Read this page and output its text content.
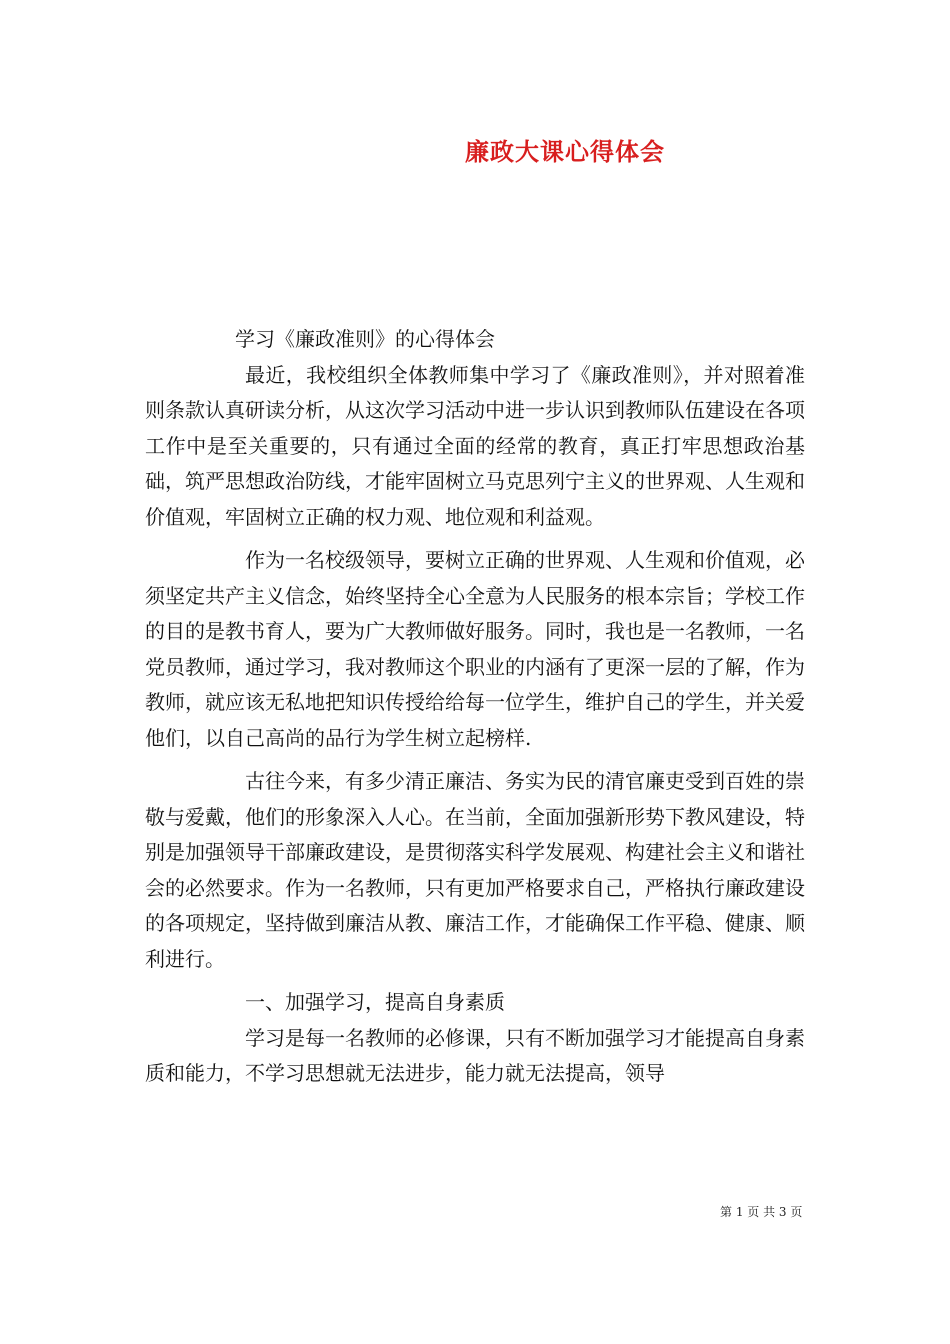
廉政大课心得体会

学习《廉政准则》的心得体会

最近，我校组织全体教师集中学习了《廉政准则》，并对照着准则条款认真研读分析，从这次学习活动中进一步认识到教师队伍建设在各项工作中是至关重要的，只有通过全面的经常的教育，真正打牢思想政治基础，筑严思想政治防线，才能牢固树立马克思列宁主义的世界观、人生观和价值观，牢固树立正确的权力观、地位观和利益观。

作为一名校级领导，要树立正确的世界观、人生观和价值观，必须坚定共产主义信念，始终坚持全心全意为人民服务的根本宗旨；学校工作的目的是教书育人，要为广大教师做好服务。同时，我也是一名教师，一名党员教师，通过学习，我对教师这个职业的内涵有了更深一层的了解，作为教师，就应该无私地把知识传授给给每一位学生，维护自己的学生，并关爱他们，以自己高尚的品行为学生树立起榜样.

古往今来，有多少清正廉洁、务实为民的清官廉吏受到百姓的崇敬与爱戴，他们的形象深入人心。在当前，全面加强新形势下教风建设，特别是加强领导干部廉政建设，是贯彻落实科学发展观、构建社会主义和谐社会的必然要求。作为一名教师，只有更加严格要求自己，严格执行廉政建设的各项规定，坚持做到廉洁从教、廉洁工作，才能确保工作平稳、健康、顺利进行。

一、加强学习，提高自身素质

学习是每一名教师的必修课，只有不断加强学习才能提高自身素质和能力，不学习思想就无法进步，能力就无法提高，领导

第 1 页 共 3 页
